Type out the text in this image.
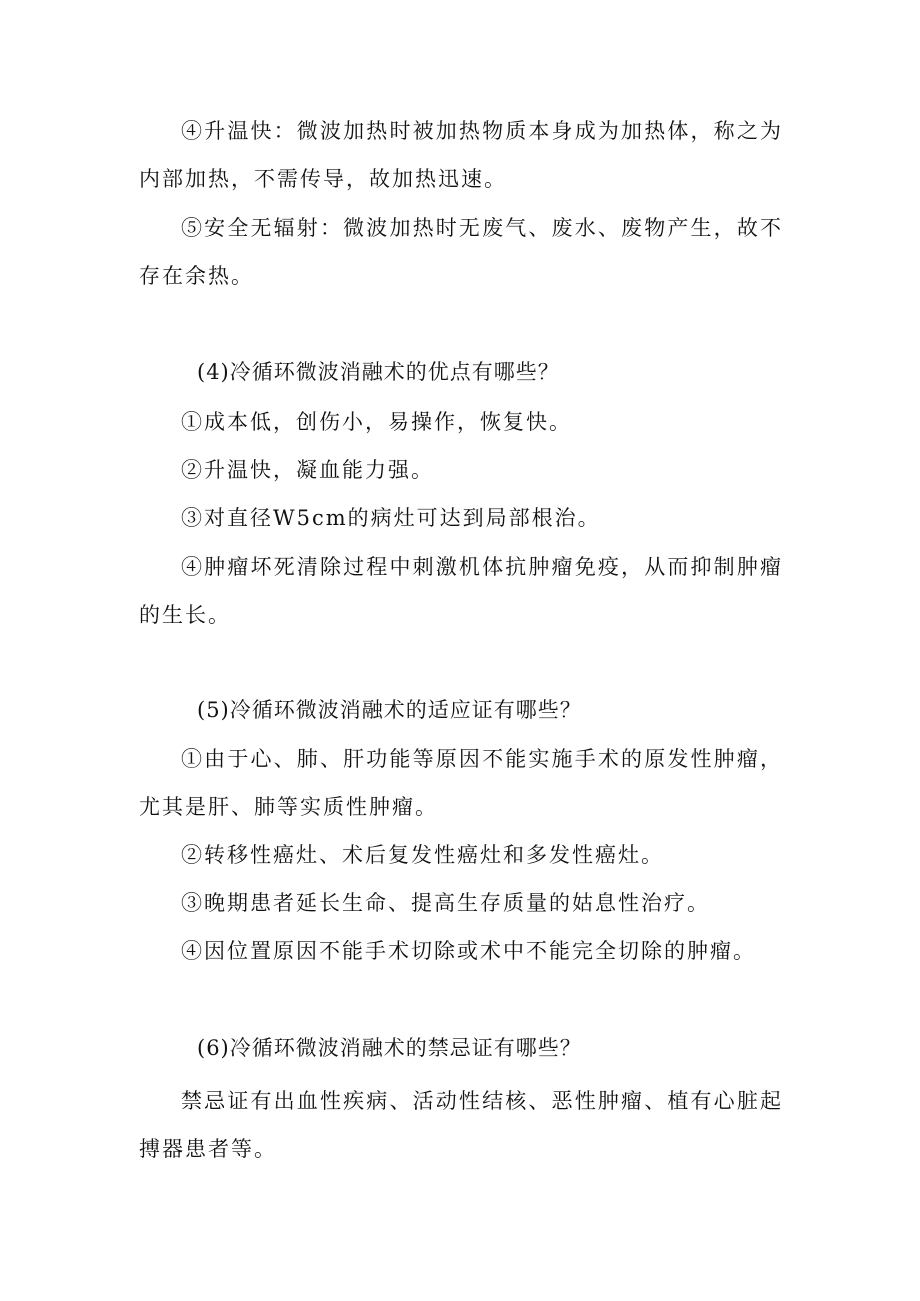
④升温快：微波加热时被加热物质本身成为加热体，称之为内部加热，不需传导，故加热迅速。

⑤安全无辐射：微波加热时无废气、废水、废物产生，故不存在余热。

(4)冷循环微波消融术的优点有哪些？

①成本低，创伤小，易操作，恢复快。

②升温快，凝血能力强。

③对直径W5cm的病灶可达到局部根治。

④肿瘤坏死清除过程中刺激机体抗肿瘤免疫，从而抑制肿瘤的生长。

(5)冷循环微波消融术的适应证有哪些？

①由于心、肺、肝功能等原因不能实施手术的原发性肿瘤，尤其是肝、肺等实质性肿瘤。

②转移性癌灶、术后复发性癌灶和多发性癌灶。

③晚期患者延长生命、提高生存质量的姑息性治疗。

④因位置原因不能手术切除或术中不能完全切除的肿瘤。

(6)冷循环微波消融术的禁忌证有哪些？

禁忌证有出血性疾病、活动性结核、恶性肿瘤、植有心脏起搏器患者等。
